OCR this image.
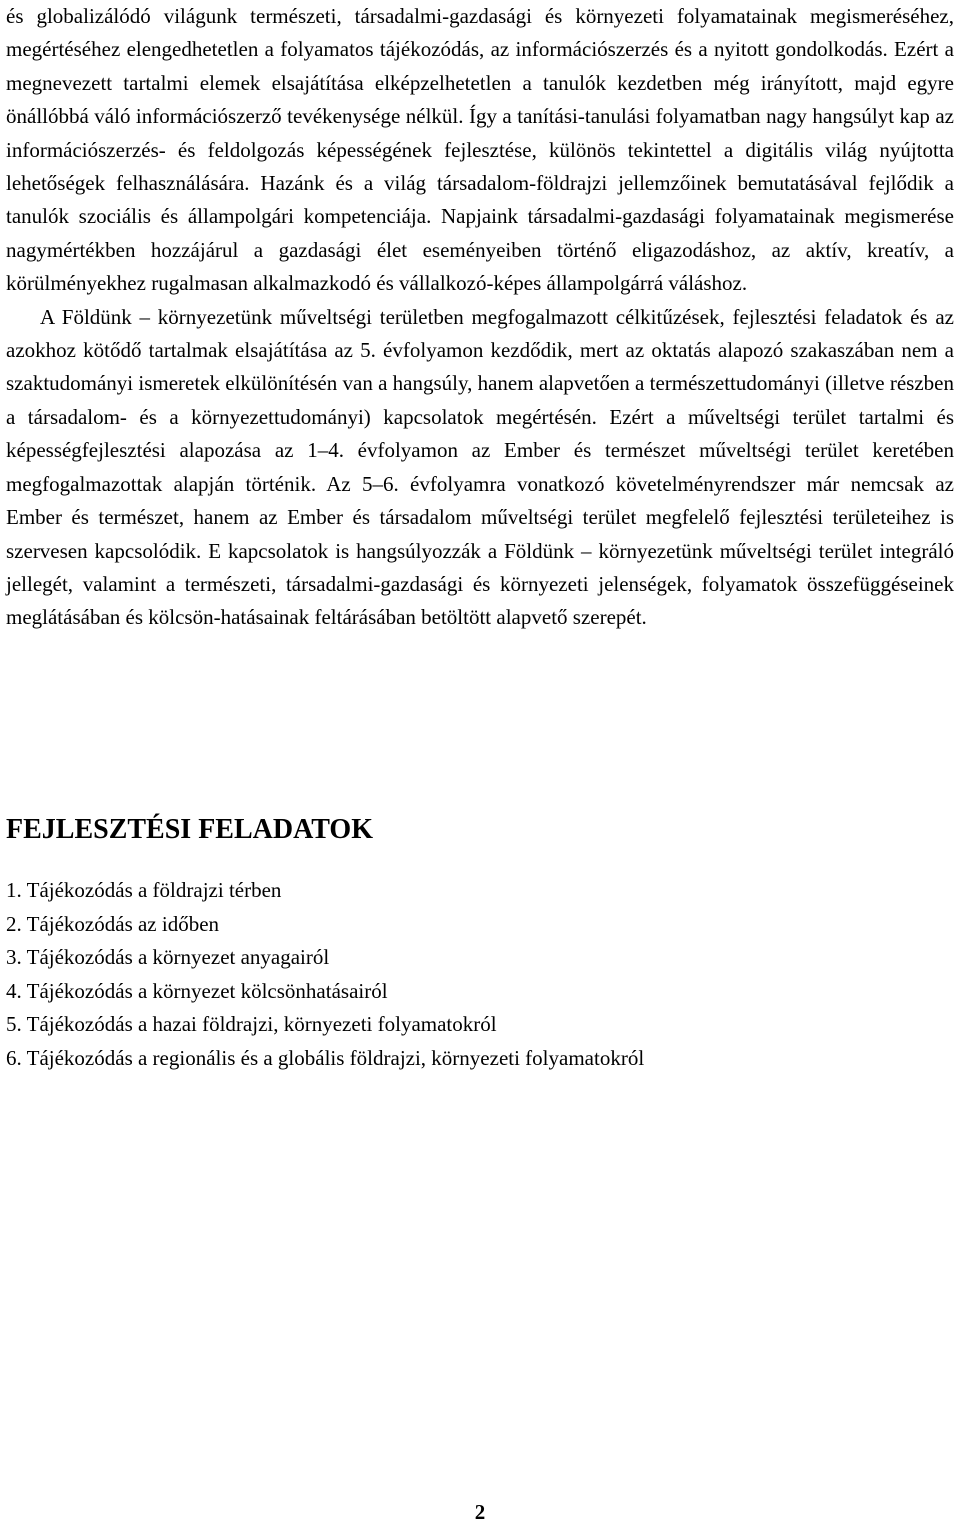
és globalizálódó világunk természeti, társadalmi-gazdasági és környezeti folyamatainak megismeréséhez, megértéséhez elengedhetetlen a folyamatos tájékozódás, az információszerzés és a nyitott gondolkodás. Ezért a megnevezett tartalmi elemek elsajátítása elképzelhetetlen a tanulók kezdetben még irányított, majd egyre önállóbbá váló információszerző tevékenysége nélkül. Így a tanítási-tanulási folyamatban nagy hangsúlyt kap az információszerzés- és feldolgozás képességének fejlesztése, különös tekintettel a digitális világ nyújtotta lehetőségek felhasználására. Hazánk és a világ társadalom-földrajzi jellemzőinek bemutatásával fejlődik a tanulók szociális és állampolgári kompetenciája. Napjaink társadalmi-gazdasági folyamatainak megismerése nagymértékben hozzájárul a gazdasági élet eseményeiben történő eligazodáshoz, az aktív, kreatív, a körülményekhez rugalmasan alkalmazkodó és vállalkozó-képes állampolgárrá váláshoz.

A Földünk – környezetünk műveltségi területben megfogalmazott célkitűzések, fejlesztési feladatok és az azokhoz kötődő tartalmak elsajátítása az 5. évfolyamon kezdődik, mert az oktatás alapozó szakaszában nem a szaktudományi ismeretek elkülönítésén van a hangsúly, hanem alapvetően a természettudományi (illetve részben a társadalom- és a környezettudományi) kapcsolatok megértésén. Ezért a műveltségi terület tartalmi és képességfejlesztési alapozása az 1–4. évfolyamon az Ember és természet műveltségi terület keretében megfogalmazottak alapján történik. Az 5–6. évfolyamra vonatkozó követelményrendszer már nemcsak az Ember és természet, hanem az Ember és társadalom műveltségi terület megfelelő fejlesztési területeihez is szervesen kapcsolódik. E kapcsolatok is hangsúlyozzák a Földünk – környezetünk műveltségi terület integráló jellegét, valamint a természeti, társadalmi-gazdasági és környezeti jelenségek, folyamatok összefüggéseinek meglátásában és kölcsön-hatásainak feltárásában betöltött alapvető szerepét.

FEJLESZTÉSI FELADATOK
1. Tájékozódás a földrajzi térben
2. Tájékozódás az időben
3. Tájékozódás a környezet anyagairól
4. Tájékozódás a környezet kölcsönhatásairól
5. Tájékozódás a hazai földrajzi, környezeti folyamatokról
6. Tájékozódás a regionális és a globális földrajzi, környezeti folyamatokról
2
